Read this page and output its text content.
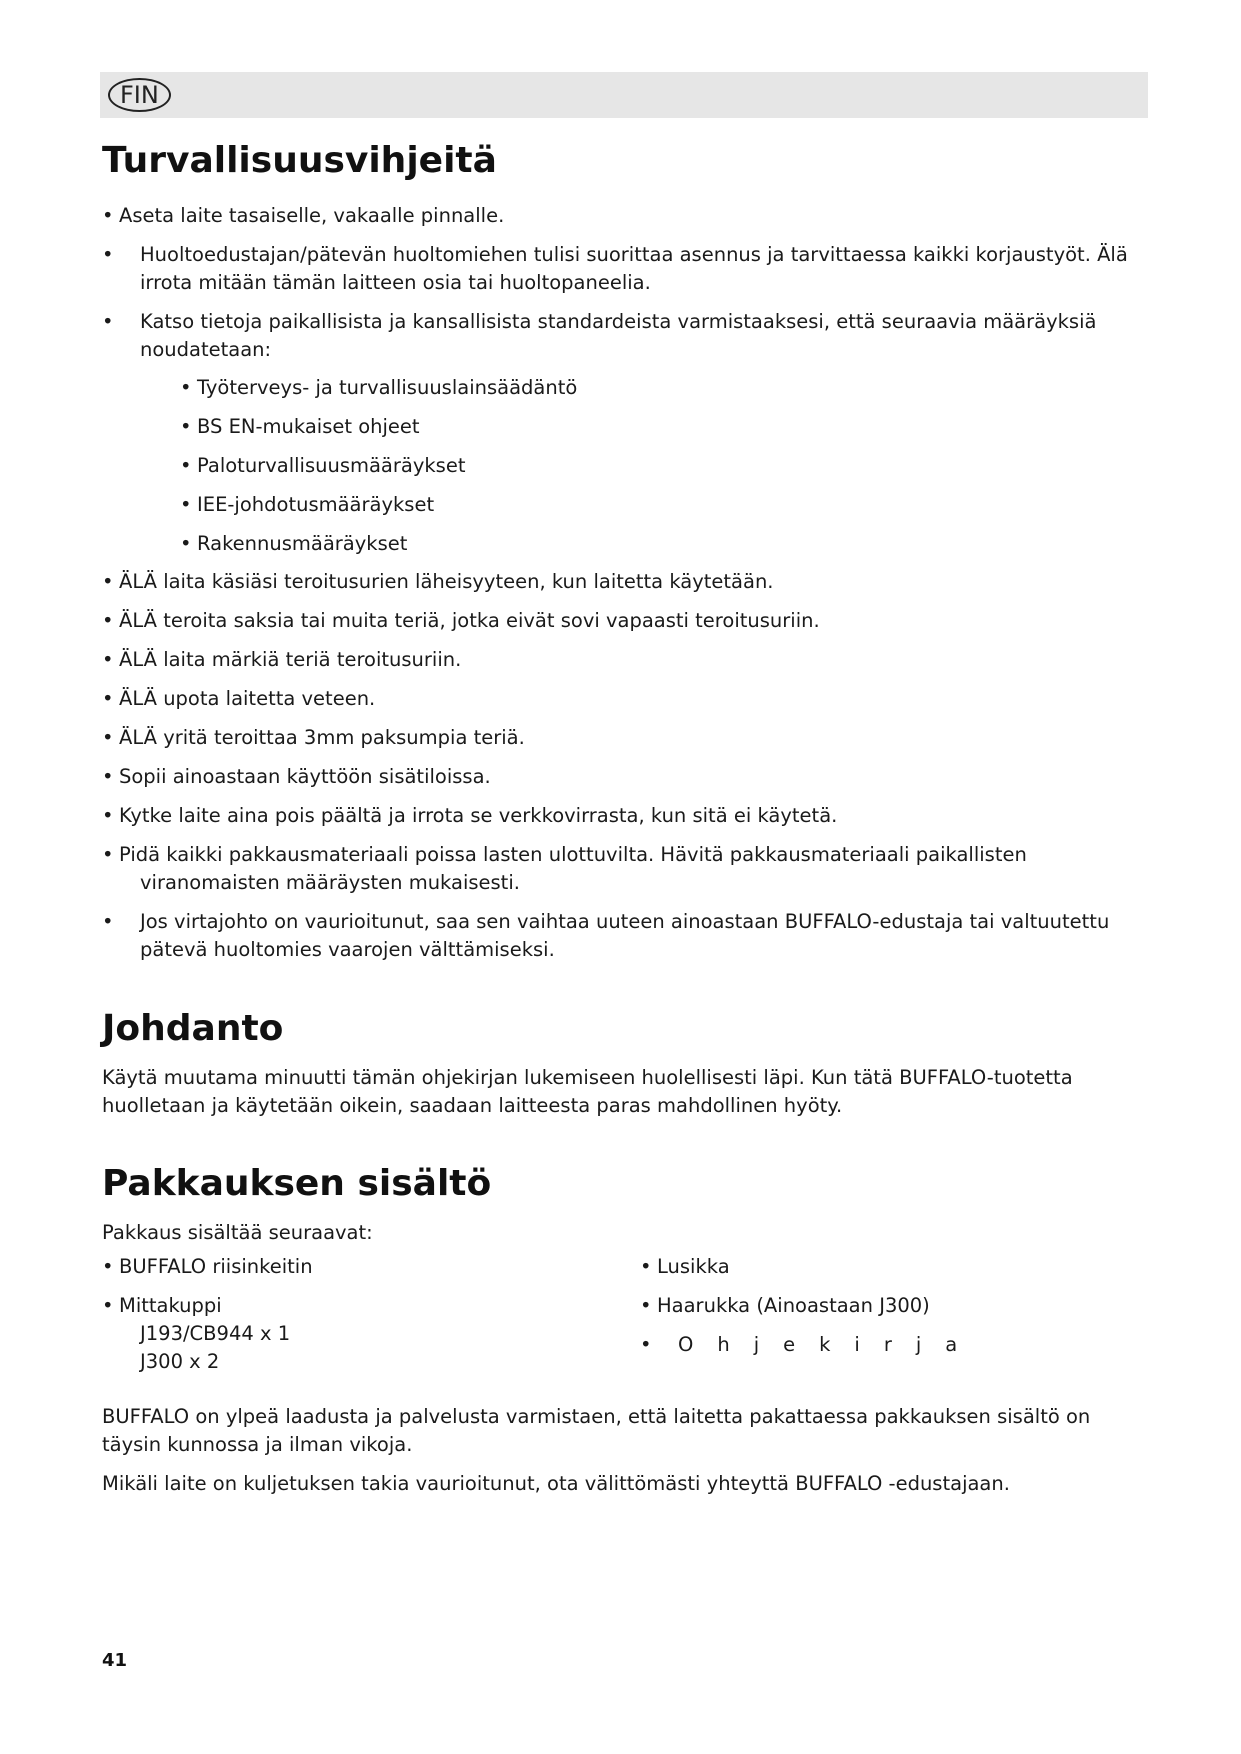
FIN
Turvallisuusvihjeitä
• Aseta laite tasaiselle, vakaalle pinnalle.
• Huoltoedustajan/pätevän huoltomiehen tulisi suorittaa asennus ja tarvittaessa kaikki korjaustyöt. Älä irrota mitään tämän laitteen osia tai huoltopaneelia.
• Katso tietoja paikallisista ja kansallisista standardeista varmistaaksesi, että seuraavia määräyksiä noudatetaan:
• Työterveys- ja turvallisuuslainsäädäntö
• BS EN-mukaiset ohjeet
• Paloturvallisuusmääräykset
• IEE-johdotusmääräykset
• Rakennusmääräykset
• ÄLÄ laita käsiäsi teroitusurien läheisyyteen, kun laitetta käytetään.
• ÄLÄ teroita saksia tai muita teriä, jotka eivät sovi vapaasti teroitusuriin.
• ÄLÄ laita märkiä teriä teroitusuriin.
• ÄLÄ upota laitetta veteen.
• ÄLÄ yritä teroittaa 3mm paksumpia teriä.
• Sopii ainoastaan käyttöön sisätiloissa.
• Kytke laite aina pois päältä ja irrota se verkkovirrasta, kun sitä ei käytetä.
• Pidä kaikki pakkausmateriaali poissa lasten ulottuvilta. Hävitä pakkausmateriaali paikallisten
viranomaisten määräysten mukaisesti.
• Jos virtajohto on vaurioitunut, saa sen vaihtaa uuteen ainoastaan BUFFALO-edustaja tai valtuutettu pätevä huoltomies vaarojen välttämiseksi.
Johdanto

Käytä muutama minuutti tämän ohjekirjan lukemiseen huolellisesti läpi. Kun tätä BUFFALO-tuotetta huolletaan ja käytetään oikein, saadaan laitteesta paras mahdollinen hyöty.

Pakkauksen sisältö

Pakkaus sisältää seuraavat:

• BUFFALO riisinkeitin
• Mittakuppi
J193/CB944 x 1
J300 x 2
• Lusikka
• Haarukka (Ainoastaan J300)
• Ohjekirja

BUFFALO on ylpeä laadusta ja palvelusta varmistaen, että laitetta pakattaessa pakkauksen sisältö on täysin kunnossa ja ilman vikoja.

Mikäli laite on kuljetuksen takia vaurioitunut, ota välittömästi yhteyttä BUFFALO -edustajaan.

41
